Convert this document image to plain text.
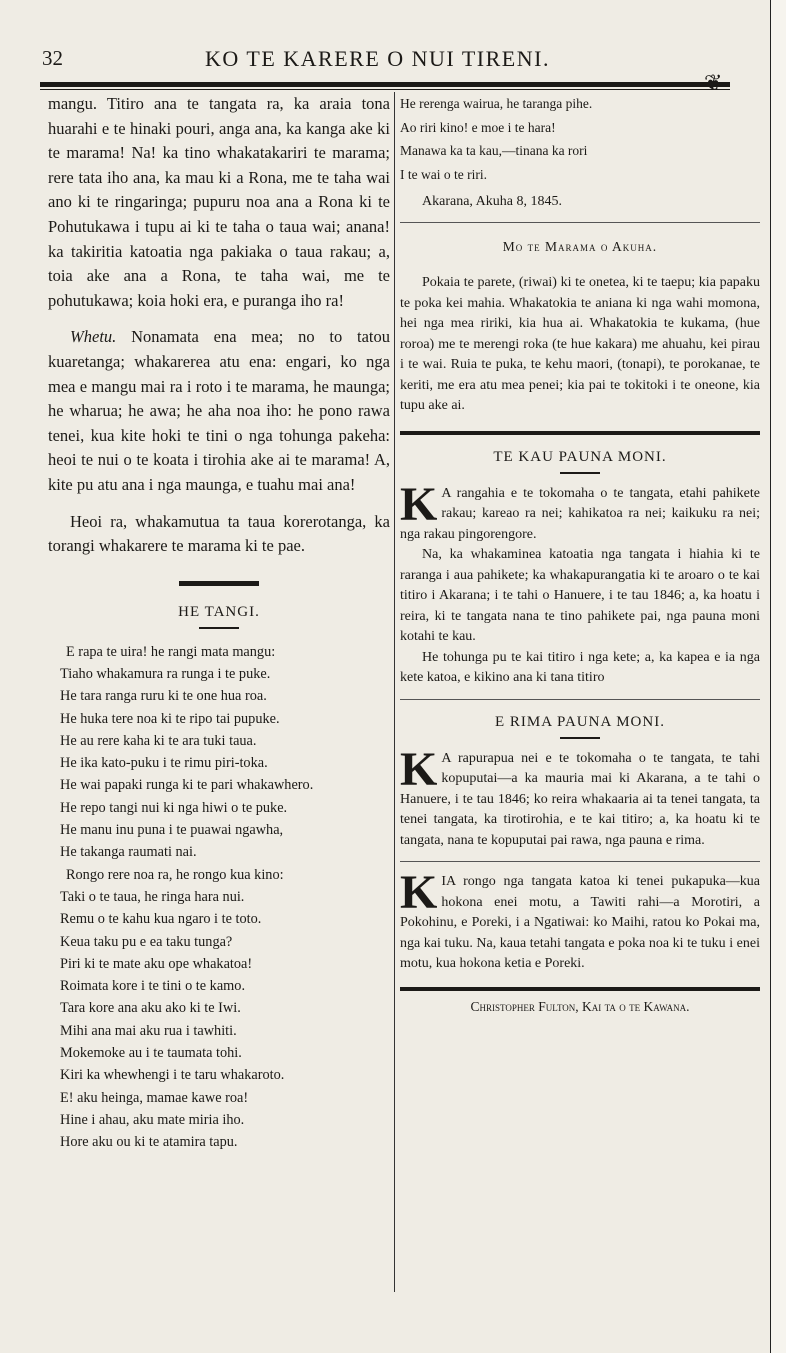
32	KO TE KARERE O NUI TIRENI.
❦

mangu. Titiro ana te tangata ra, ka araia tona huarahi e te hinaki pouri, anga ana, ka kanga ake ki te marama! Na! ka tino whakatakariri te marama; rere tata iho ana, ka mau ki a Rona, me te taha wai ano ki te ringaringa; pupuru noa ana a Rona ki te Pohutukawa i tupu ai ki te taha o taua wai; anana! ka takiritia katoatia nga pakiaka o taua rakau; a, toia ake ana a Rona, te taha wai, me te pohutukawa; koia hoki era, e puranga iho ra!

Whetu. Nonamata ena mea; no to tatou kuaretanga; whakarerea atu ena: engari, ko nga mea e mangu mai ra i roto i te marama, he maunga; he wharua; he awa; he aha noa iho: he pono rawa tenei, kua kite hoki te tini o nga tohunga pakeha: heoi te nui o te koata i tirohia ake ai te marama! A, kite pu atu ana i nga maunga, e tuahu mai ana!

Heoi ra, whakamutua ta taua korerotanga, ka torangi whakarere te marama ki te pae.

HE TANGI.
E rapa te uira! he rangi mata mangu:
Tiaho whakamura ra runga i te puke.
He tara ranga ruru ki te one hua roa.
He huka tere noa ki te ripo tai pupuke.
He au rere kaha ki te ara tuki taua.
He ika kato-puku i te rimu piri-toka.
He wai papaki runga ki te pari whakawhero.
He repo tangi nui ki nga hiwi o te puke.
He manu inu puna i te puawai ngawha,
He takanga raumati nai.
Rongo rere noa ra, he rongo kua kino:
Taki o te taua, he ringa hara nui.
Remu o te kahu kua ngaro i te toto.
Keua taku pu e ea taku tunga?
Piri ki te mate aku ope whakatoa!
Roimata kore i te tini o te kamo.
Tara kore ana aku ako ki te Iwi.
Mihi ana mai aku rua i tawhiti.
Mokemoke au i te taumata tohi.
Kiri ka whewhengi i te taru whakaroto.
E! aku heinga, mamae kawe roa!
Hine i ahau, aku mate miria iho.
Hore aku ou ki te atamira tapu.
He rerenga wairua, he taranga pihe.
Ao riri kino! e moe i te hara!
Manawa ka ta kau,—tinana ka rori
I te wai o te riri.
Akarana, Akuha 8, 1845.
Mo te Marama o Akuha.

Pokaia te parete, (riwai) ki te onetea, ki te taepu; kia papaku te poka kei mahia. Whakatokia te aniana ki nga wahi momona, hei nga mea ririki, kia hua ai. Whakatokia te kukama, (hue roroa) me te merengi roka (te hue kakara) me ahuahu, kei pirau i te wai. Ruia te puka, te kehu maori, (tonapi), te porokanae, te keriti, me era atu mea penei; kia pai te tokitoki i te oneone, kia tupu ake ai.

TE KAU PAUNA MONI.

K A rangahia e te tokomaha o te tangata, etahi pahikete rakau; kareao ra nei; kahikatoa ra nei; kaikuku ra nei; nga rakau pingorengore.

Na, ka whakaminea katoatia nga tangata i hiahia ki te raranga i aua pahikete; ka whakapurangatia ki te aroaro o te kai titiro i Akarana; i te tahi o Hanuere, i te tau 1846; a, ka hoatu i reira, ki te tangata nana te tino pahikete pai, nga pauna moni kotahi te kau.

He tohunga pu te kai titiro i nga kete; a, ka kapea e ia nga kete katoa, e kikino ana ki tana titiro

E RIMA PAUNA MONI.

K A rapurapua nei e te tokomaha o te tangata, te tahi kopuputai—a ka mauria mai ki Akarana, a te tahi o Hanuere, i te tau 1846; ko reira whakaaria ai ta tenei tangata, ta tenei tangata, ka tirotirohia, e te kai titiro; a, ka hoatu ki te tangata, nana te kopuputai pai rawa, nga pauna e rima.

KIA rongo nga tangata katoa ki tenei pukapuka—kua hokona enei motu, a Tawiti rahi—a Morotiri, a Pokohinu, e Poreki, i a Ngatiwai: ko Maihi, ratou ko Pokai ma, nga kai tuku. Na, kaua tetahi tangata e poka noa ki te tuku i enei motu, kua hokona ketia e Poreki.

Christopher Fulton, Kai ta o te Kawana.
